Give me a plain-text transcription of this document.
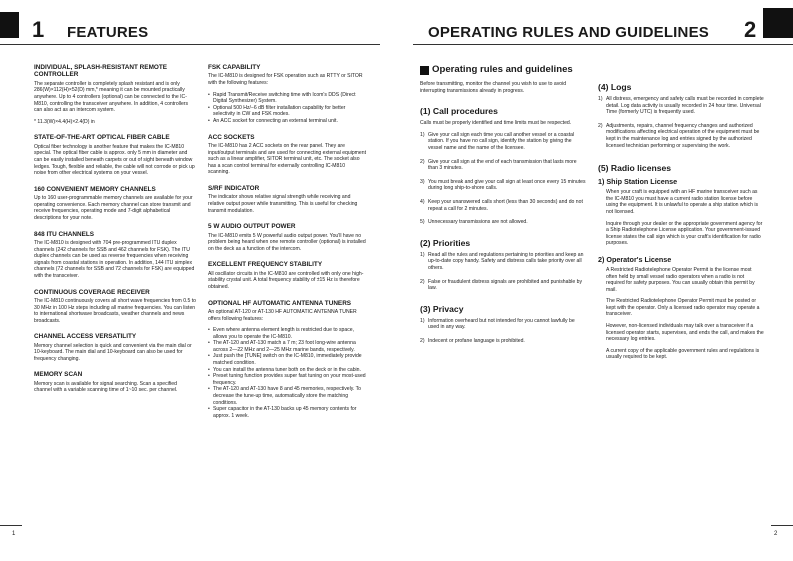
1 FEATURES	OPERATING RULES AND GUIDELINES 2
INDIVIDUAL, SPLASH-RESISTANT REMOTE CONTROLLER

The separate controller is completely splash resistant and is only 286(W)×112(H)×52(D) mm,* meaning it can be mounted practically anywhere. Up to 4 controllers (optional) can be connected to the IC-M810, controlling the transceiver anywhere. In addition, 4 controllers can also act as an intercom system.

* 11.3(W)×4.4(H)×2.4(D) in

STATE-OF-THE-ART OPTICAL FIBER CABLE

Optical fiber technology is another feature that makes the IC-M810 special. The optical fiber cable is approx. only 5 mm in diameter and can be easily installed beneath carpets or out of sight beneath window ledges. Tough, flexible and reliable, the cable will not corrode or pick up noise from other electrical systems on your vessel.

160 CONVENIENT MEMORY CHANNELS

Up to 160 user-programmable memory channels are available for your operating convenience. Each memory channel can store transmit and receive frequencies, operating mode and 7-digit alphabetical descriptions for your note.

848 ITU CHANNELS

The IC-M810 is designed with 704 pre-programmed ITU duplex channels (242 channels for SSB and 462 channels for FSK). The ITU duplex channels can be used as reverse frequencies when receiving signals from coastal stations in operation. In addition, 144 ITU simplex channels (72 channels for SSB and 72 channels for FSK) are equipped with the transceiver.

CONTINUOUS COVERAGE RECEIVER

The IC-M810 continuously covers all short wave frequencies from 0.5 to 30 MHz in 100 Hz steps including all marine frequencies. You can listen to international shortwave broadcasts, weather channels and news broadcasts.

CHANNEL ACCESS VERSATILITY

Memory channel selection is quick and convenient via the main dial or 10-keyboard. The main dial and 10-keyboard can also be used for frequency changing.

MEMORY SCAN

Memory scan is available for signal searching. Scan a specified channel with a variable scanning time of 1~10 sec. per channel.

FSK CAPABILITY

The IC-M810 is designed for FSK operation such as RTTY or SITOR with the following features:

• Rapid Transmit/Receive switching time with Icom's DDS (Direct Digital Synthesizer) System.
• Optional 500 Hz/−6 dB filter installation capability for better selectivity in CW and FSK modes.
• An ACC socket for connecting an external terminal unit.
ACC SOCKETS

The IC-M810 has 2 ACC sockets on the rear panel. They are input/output terminals and are used for connecting external equipment such as a linear amplifier, SITOR terminal unit, etc. The socket also has a scan control terminal for externally controlling IC-M810 scanning.

S/RF INDICATOR

The indicator shows relative signal strength while receiving and relative output power while transmitting. This is useful for checking transmit modulation.

5 W AUDIO OUTPUT POWER

The IC-M810 emits 5 W powerful audio output power. You'll have no problem being heard when one remote controller (optional) is installed on the deck as a function of the intercom.

EXCELLENT FREQUENCY STABILITY

All oscillator circuits in the IC-M810 are controlled with only one high-stability crystal unit. A total frequency stability of ±15 Hz is therefore obtained.

OPTIONAL HF AUTOMATIC ANTENNA TUNERS

An optional AT-120 or AT-130 HF AUTOMATIC ANTENNA TUNER offers following features:

• Even where antenna element length is restricted due to space, allows you to operate the IC-M810.
• The AT-120 and AT-130 match a 7 m; 23 foot long-wire antenna across 2—22 MHz and 2—25 MHz marine bands, respectively.
• Just push the [TUNE] switch on the IC-M810, immediately provide matched condition.
• You can install the antenna tuner both on the deck or in the cabin.
• Preset tuning function provides super fast tuning on your most-used frequency.
• The AT-120 and AT-130 have 8 and 45 memories, respectively. To decrease the tune-up time, automatically store the matching conditions.
• Super capacitor in the AT-130 backs up 45 memory contents for approx. 1 week.
Operating rules and guidelines

Before transmitting, monitor the channel you wish to use to avoid interrupting transmissions already in progress.

(1) Call procedures

Calls must be properly identified and time limits must be respected.

1) Give your call sign each time you call another vessel or a coastal station. If you have no call sign, identify the station by giving the vessel name and the name of the licensee.
2) Give your call sign at the end of each transmission that lasts more than 3 minutes.
3) You must break and give your call sign at least once every 15 minutes during long ship-to-shore calls.
4) Keep your unanswered calls short (less than 30 seconds) and do not repeat a call for 2 minutes.
5) Unnecessary transmissions are not allowed.
(2) Priorities
1) Read all the rules and regulations pertaining to priorities and keep an up-to-date copy handy. Safety and distress calls take priority over all others.
2) False or fraudulent distress signals are prohibited and punishable by law.
(3) Privacy
1) Information overheard but not intended for you cannot lawfully be used in any way.
2) Indecent or profane language is prohibited.
(4) Logs
1) All distress, emergency and safety calls must be recorded in complete detail. Log data activity is usually recorded in 24 hour time. Universal Time (formerly UTC) is frequently used.
2) Adjustments, repairs, channel frequency changes and authorized modifications affecting electrical operation of the equipment must be kept in the maintenance log and entries signed by the authorized licensed technician performing or supervising the work.
(5) Radio licenses
1) Ship Station License

When your craft is equipped with an HF marine transceiver such as the IC-M810 you must have a current radio station license before using the equipment. It is unlawful to operate a ship station which is not licensed.

Inquire through your dealer or the appropriate government agency for a Ship Radiotelephone License application. Your government-issued license states the call sign which is your craft's identification for radio purposes.

2) Operator's License

A Restricted Radiotelephone Operator Permit is the license most often held by small vessel radio operators when a radio is not required for safety purposes. You can usually obtain this permit by mail.

The Restricted Radiotelephone Operator Permit must be posted or kept with the operator. Only a licensed radio operator may operate a transceiver.

However, non-licensed individuals may talk over a transceiver if a licensed operator starts, supervises, and ends the call, and makes the necessary log entries.

A current copy of the applicable government rules and regulations is usually required to be kept.

1	2
